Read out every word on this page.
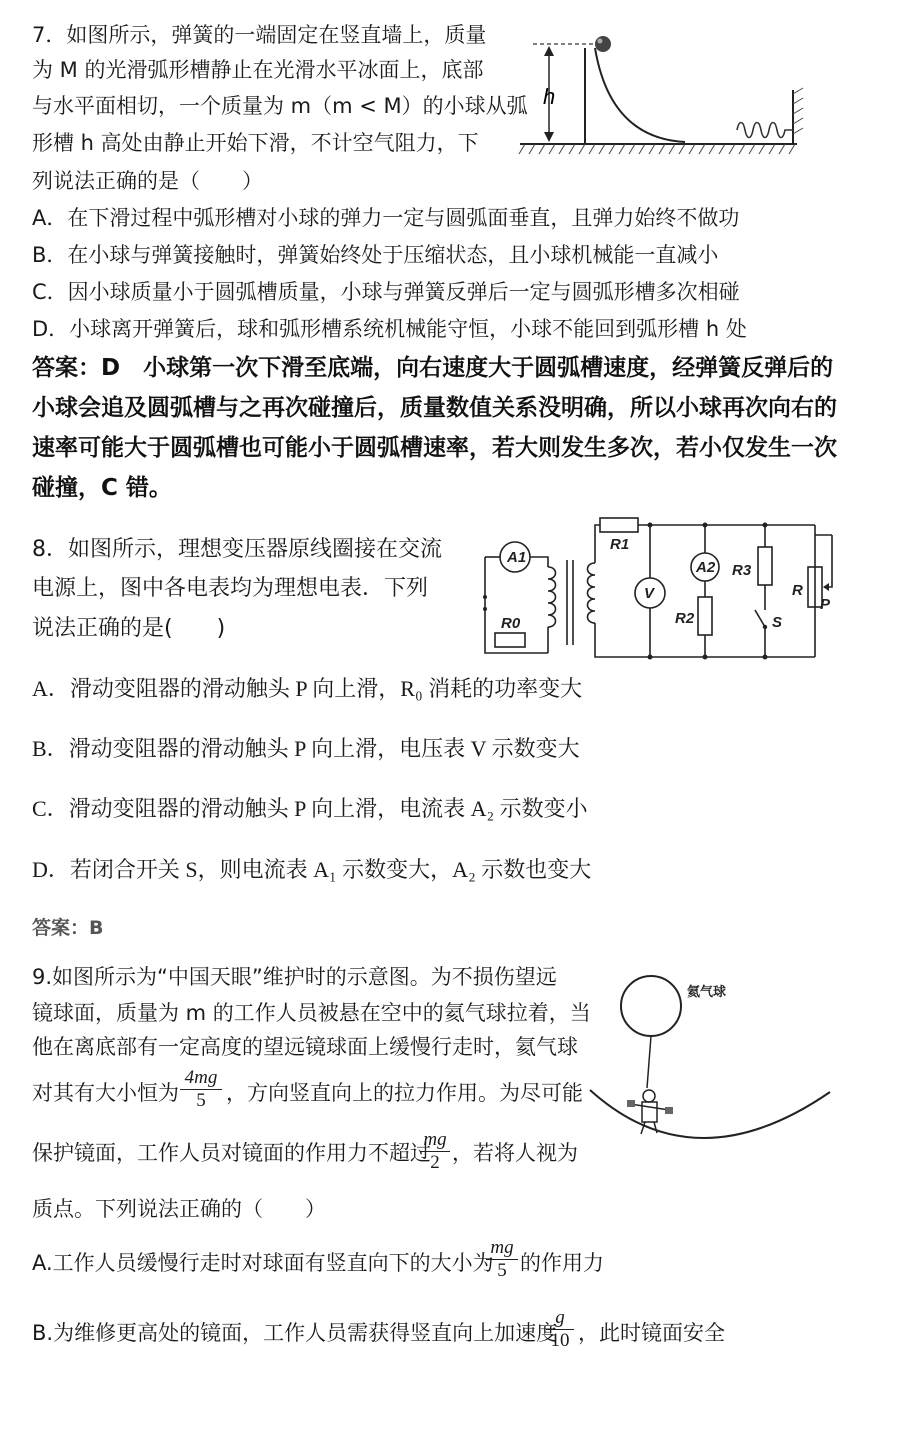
7．如图所示，弹簧的一端固定在竖直墙上，质量
为 M 的光滑弧形槽静止在光滑水平冰面上，底部
与水平面相切，一个质量为 m（m < M）的小球从弧
形槽 h 高处由静止开始下滑，不计空气阻力，下
列说法正确的是（　　）
h
A．在下滑过程中弧形槽对小球的弹力一定与圆弧面垂直，且弹力始终不做功
B．在小球与弹簧接触时，弹簧始终处于压缩状态，且小球机械能一直减小
C．因小球质量小于圆弧槽质量，小球与弹簧反弹后一定与圆弧形槽多次相碰
D．小球离开弹簧后，球和弧形槽系统机械能守恒，小球不能回到弧形槽 h 处
答案：D　小球第一次下滑至底端，向右速度大于圆弧槽速度，经弹簧反弹后的
小球会追及圆弧槽与之再次碰撞后，质量数值关系没明确，所以小球再次向右的
速率可能大于圆弧槽也可能小于圆弧槽速率，若大则发生多次，若小仅发生一次
碰撞，C 错。
8．如图所示，理想变压器原线圈接在交流
电源上，图中各电表均为理想电表．下列
说法正确的是(　　)
A1
R0
R1
V
A2
R2
R3
S
R
P
A．滑动变阻器的滑动触头 P 向上滑，R₀ 消耗的功率变大
B．滑动变阻器的滑动触头 P 向上滑，电压表 V 示数变大
C．滑动变阻器的滑动触头 P 向上滑，电流表 A₂ 示数变小
D．若闭合开关 S，则电流表 A₁ 示数变大，A₂ 示数也变大
答案：B
9.如图所示为“中国天眼”维护时的示意图。为不损伤望远
镜球面，质量为 m 的工作人员被悬在空中的氦气球拉着，当
他在离底部有一定高度的望远镜球面上缓慢行走时，氦气球
对其有大小恒为
4mg
5 ，方向竖直向上的拉力作用。为尽可能
保护镜面，工作人员对镜面的作用力不超过
mg
2 ，若将人视为
质点。下列说法正确的（　　）
氦气球
A.工作人员缓慢行走时对球面有竖直向下的大小为
mg
5 的作用力
B.为维修更高处的镜面，工作人员需获得竖直向上加速度
g
10 ，此时镜面安全
